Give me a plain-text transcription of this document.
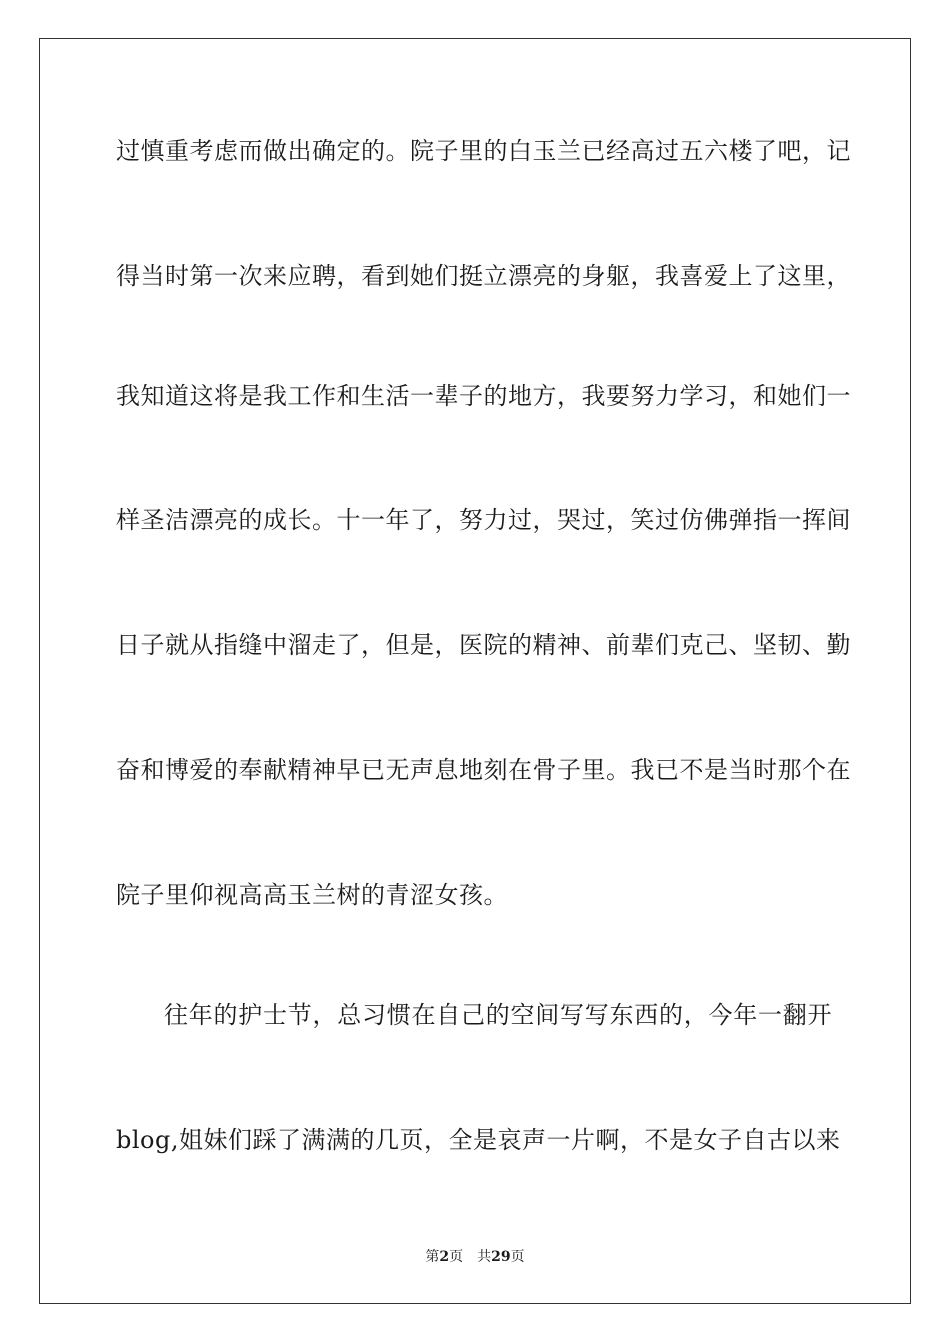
过慎重考虑而做出确定的。院子里的白玉兰已经高过五六楼了吧，记
得当时第一次来应聘，看到她们挺立漂亮的身躯，我喜爱上了这里，
我知道这将是我工作和生活一辈子的地方，我要努力学习，和她们一
样圣洁漂亮的成长。十一年了，努力过，哭过，笑过仿佛弹指一挥间
日子就从指缝中溜走了，但是，医院的精神、前辈们克己、坚韧、勤
奋和博爱的奉献精神早已无声息地刻在骨子里。我已不是当时那个在
院子里仰视高高玉兰树的青涩女孩。
往年的护士节，总习惯在自己的空间写写东西的，今年一翻开
blog,姐妹们踩了满满的几页，全是哀声一片啊，不是女子自古以来
第2页 共29页
